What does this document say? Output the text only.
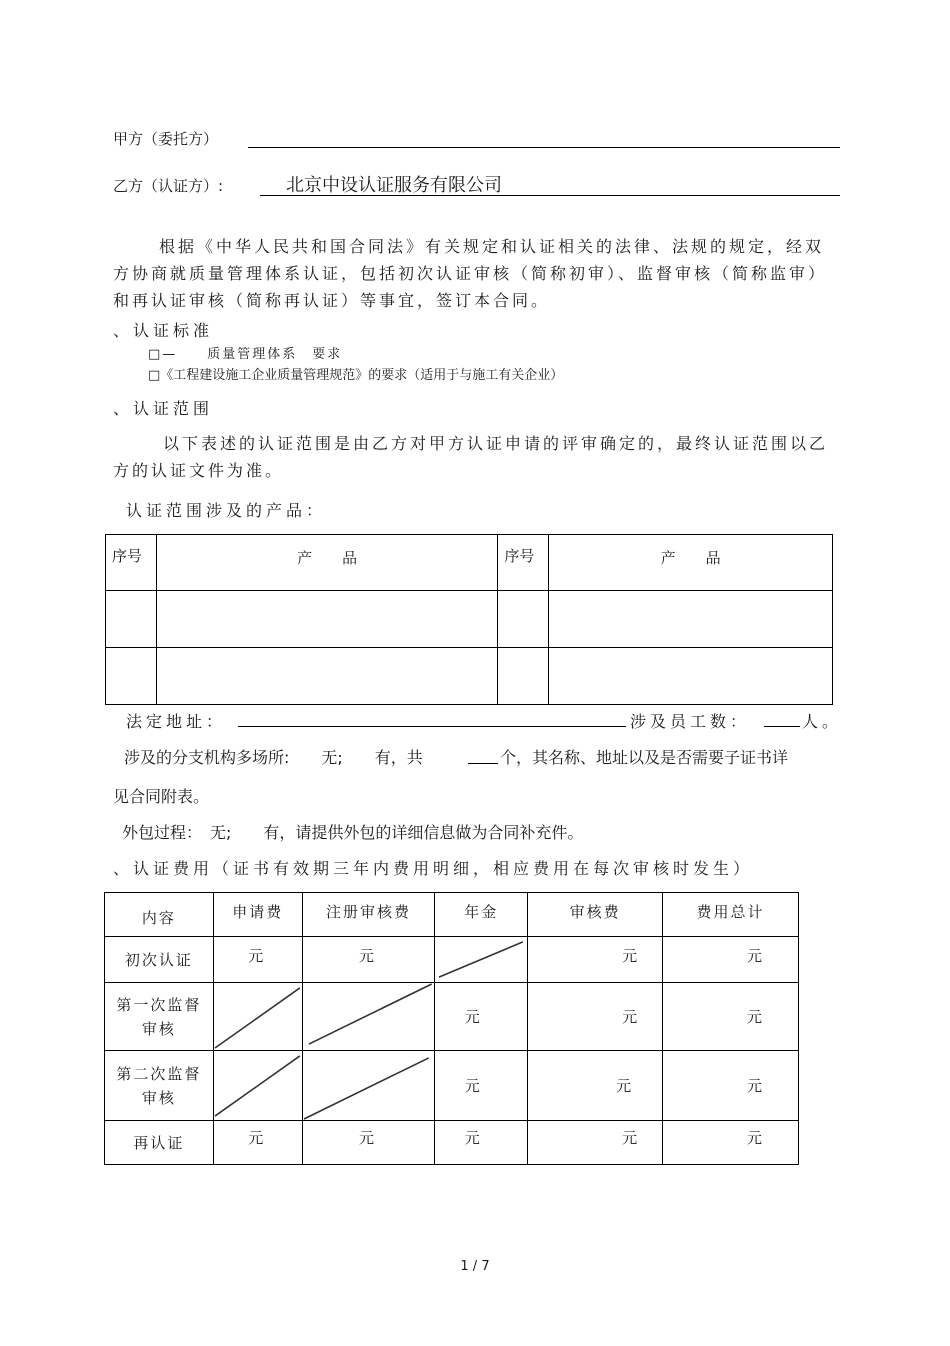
甲方（委托方）
乙方（认证方）:	北京中设认证服务有限公司
根据《中华人民共和国合同法》有关规定和认证相关的法律、法规的规定，经双方协商就质量管理体系认证，包括初次认证审核（简称初审）、监督审核（简称监审）和再认证审核（简称再认证）等事宜，签订本合同。
、认证标准
□—　　质量管理体系　要求
□《工程建设施工企业质量管理规范》的要求（适用于与施工有关企业）
、认证范围
以下表述的认证范围是由乙方对甲方认证申请的评审确定的，最终认证范围以乙方的认证文件为准。
认证范围涉及的产品：
序号	产　　品	序号	产　　品

法定地址：	涉及员工数：	人。
涉及的分支机构多场所:　　无;　　有，共	个，其名称、地址以及是否需要子证书详
见合同附表。
外包过程：　无;　　有，请提供外包的详细信息做为合同补充件。
、认证费用（证书有效期三年内费用明细，相应费用在每次审核时发生）
内容	申请费	注册审核费	年金	审核费	费用总计
初次认证	元	元		元	元
第一次监督审核			元	元	元
第二次监督审核			元	元	元
再认证	元	元	元	元	元
1 / 7
